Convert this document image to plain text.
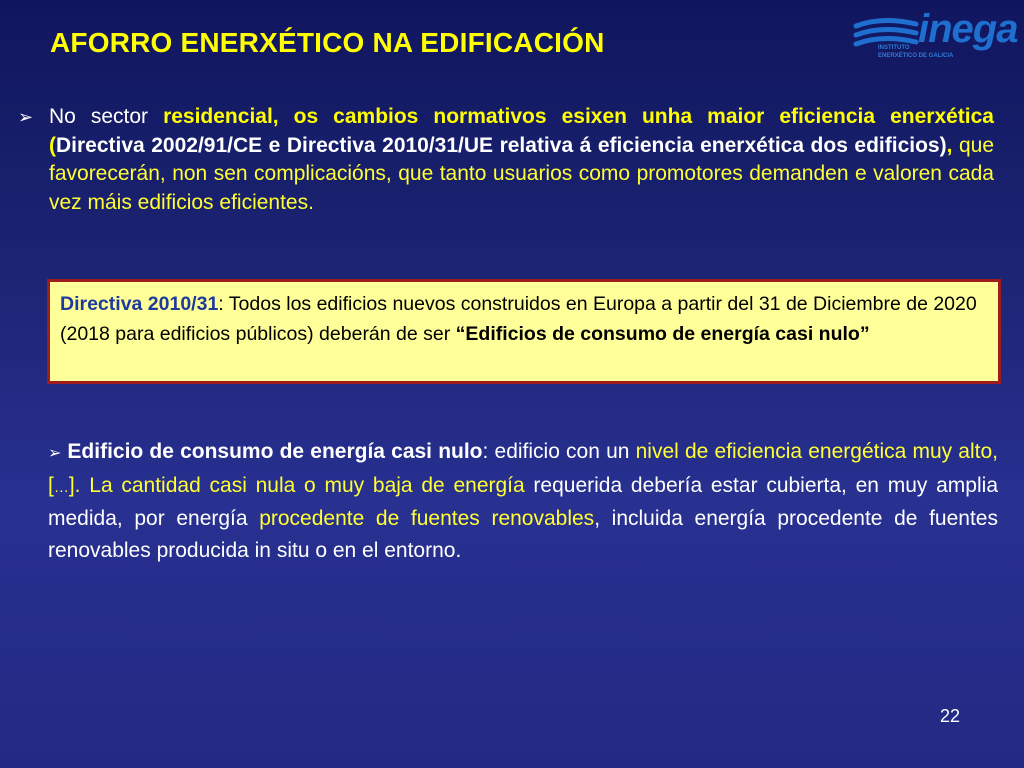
AFORRO ENERXÉTICO NA EDIFICACIÓN	inega
INSTITUTO
ENERXÉTICO DE GALICIA
➢ No sector residencial, os cambios normativos esixen unha maior eficiencia enerxética (Directiva 2002/91/CE e Directiva 2010/31/UE relativa á eficiencia enerxética dos edificios), que favorecerán, non sen complicacións, que tanto usuarios como promotores demanden e valoren cada vez máis edificios eficientes.
Directiva 2010/31: Todos los edificios nuevos construidos en Europa a partir del 31 de Diciembre de 2020 (2018 para edificios públicos) deberán de ser “Edificios de consumo de energía casi nulo”
➢ Edificio de consumo de energía casi nulo: edificio con un nivel de eficiencia energética muy alto, […]. La cantidad casi nula o muy baja de energía requerida debería estar cubierta, en muy amplia medida, por energía procedente de fuentes renovables, incluida energía procedente de fuentes renovables producida in situ o en el entorno.
22
